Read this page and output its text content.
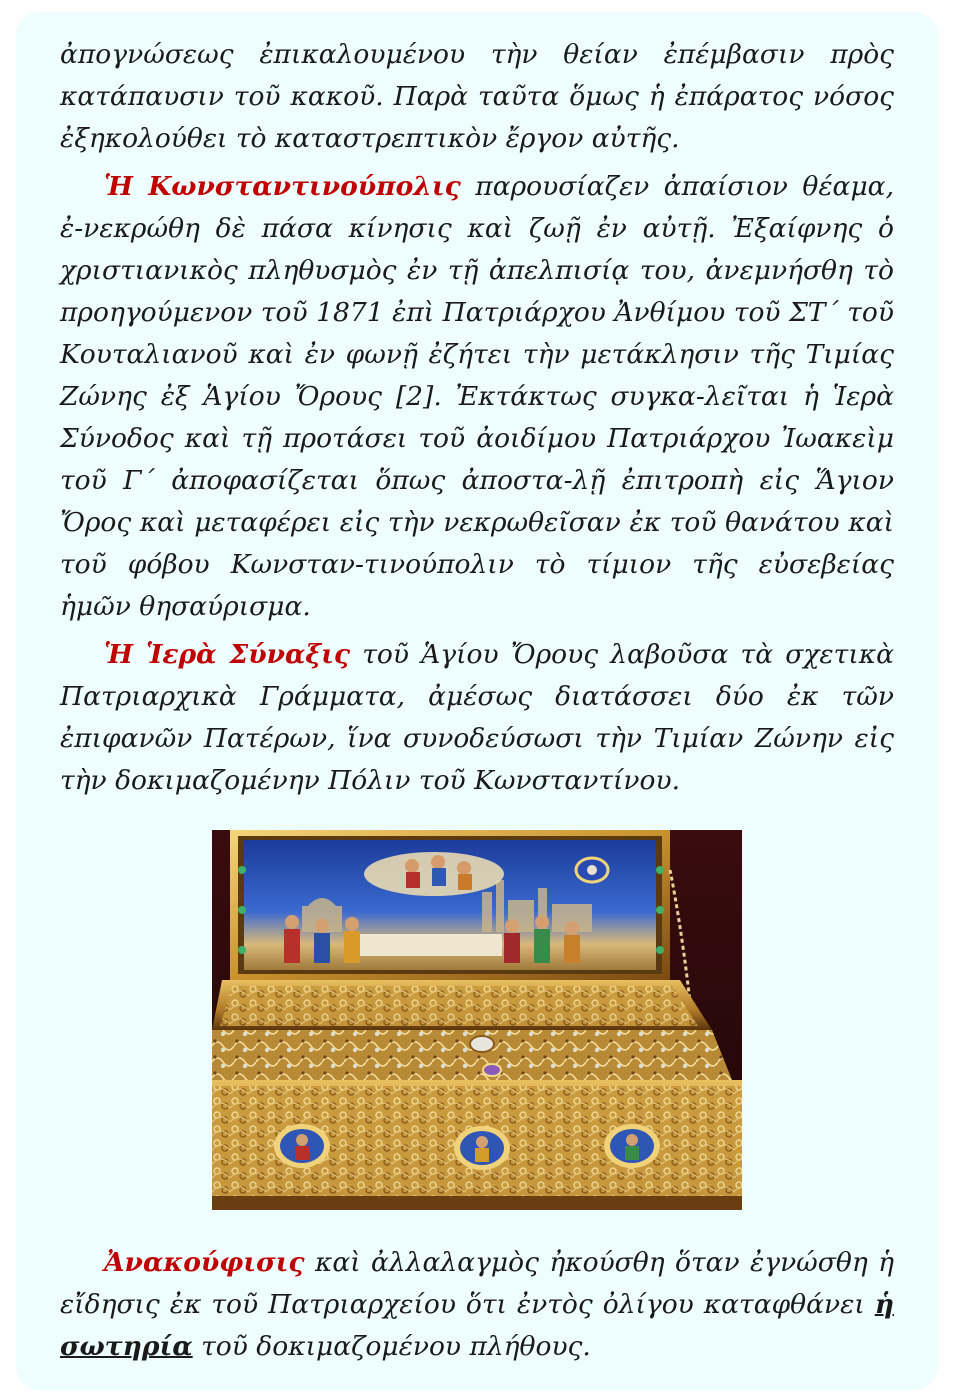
ἀπογνώσεως ἐπικαλουμένου τὴν θείαν ἐπέμβασιν πρὸς κατάπαυσιν τοῦ κακοῦ. Παρὰ ταῦτα ὅμως ἡ ἐπάρατος νόσος ἐξηκολούθει τὸ καταστρεπτικὸν ἔργον αὐτῆς.

Ἡ Κωνσταντινούπολις παρουσίαζεν ἀπαίσιον θέαμα, ἐ-νεκρώθη δὲ πάσα κίνησις καὶ ζωῇ ἐν αὐτῇ. Ἐξαίφνης ὁ χριστιανικὸς πληθυσμὸς ἐν τῇ ἀπελπισίᾳ του, ἀνεμνήσθη τὸ προηγούμενον τοῦ 1871 ἐπὶ Πατριάρχου Ἀνθίμου τοῦ ΣΤ΄ τοῦ Κουταλιανοῦ καὶ ἐν φωνῇ ἐζήτει τὴν μετάκλησιν τῆς Τιμίας Ζώνης ἐξ Ἁγίου Ὄρους [2]. Ἐκτάκτως συγκα-λεῖται ἡ Ἱερὰ Σύνοδος καὶ τῇ προτάσει τοῦ ἀοιδίμου Πατριάρχου Ἰωακεὶμ τοῦ Γ΄ ἀποφασίζεται ὅπως ἀποστα-λῇ ἐπιτροπὴ εἰς Ἅγιον Ὄρος καὶ μεταφέρει εἰς τὴν νεκρωθεῖσαν ἐκ τοῦ θανάτου καὶ τοῦ φόβου Κωνσταν-τινούπολιν τὸ τίμιον τῆς εὐσεβείας ἡμῶν θησαύρισμα.

Ἡ Ἱερὰ Σύναξις τοῦ Ἁγίου Ὄρους λαβοῦσα τὰ σχετικὰ Πατριαρχικὰ Γράμματα, ἀμέσως διατάσσει δύο ἐκ τῶν ἐπιφανῶν Πατέρων, ἵνα συνοδεύσωσι τὴν Τιμίαν Ζώνην εἰς τὴν δοκιμαζομένην Πόλιν τοῦ Κωνσταντίνου.

Ἀνακούφισις καὶ ἀλλαλαγμὸς ἠκούσθη ὅταν ἐγνώσθη ἡ εἴδησις ἐκ τοῦ Πατριαρχείου ὅτι ἐντὸς ὀλίγου καταφθάνει ἡ σωτηρία τοῦ δοκιμαζομένου πλήθους.
